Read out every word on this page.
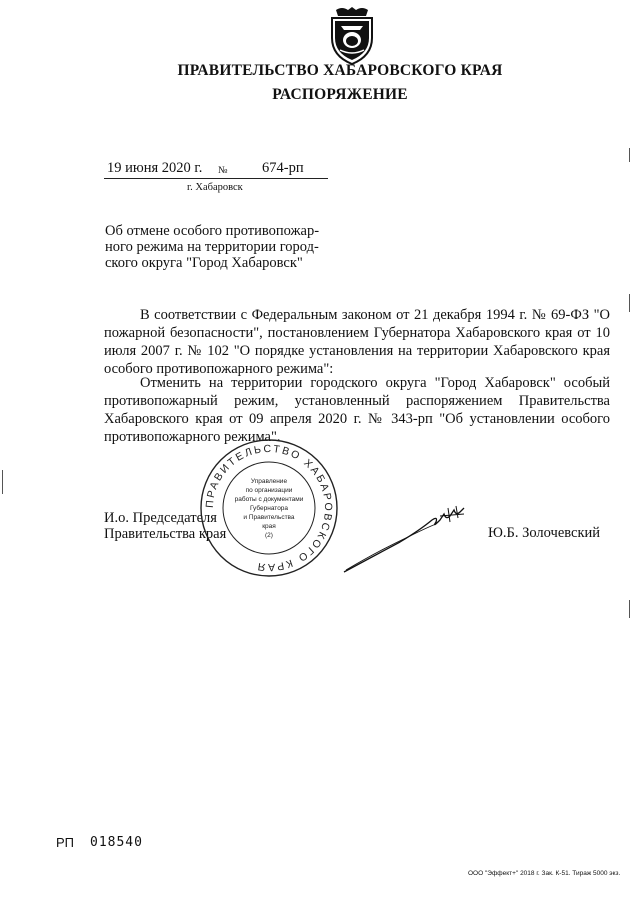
ПРАВИТЕЛЬСТВО ХАБАРОВСКОГО КРАЯ
РАСПОРЯЖЕНИЕ
19 июня 2020 г. № 674-рп
г. Хабаровск
Об отмене особого противопожар-
ного режима на территории город-
ского округа "Город Хабаровск"
В соответствии с Федеральным законом от 21 декабря 1994 г. № 69-ФЗ "О пожарной безопасности", постановлением Губернатора Хабаровского края от 10 июля 2007 г. № 102 "О порядке установления на территории Хабаровского края особого противопожарного режима":
Отменить на территории городского округа "Город Хабаровск" особый противопожарный режим, установленный распоряжением Правительства Хабаровского края от 09 апреля 2020 г. № 343-рп "Об установлении особого противопожарного режима".
И.о. Председателя
Правительства края
ПРАВИТЕЛЬСТВО ХАБАРОВСКОГО КРАЯ
Управление
по организации
работы с документами
Губернатора
и Правительства
края
(2)	Ю.Б. Золочевский
РП 018540
ООО "Эффект+" 2018 г. Зак. К-51. Тираж 5000 экз.
